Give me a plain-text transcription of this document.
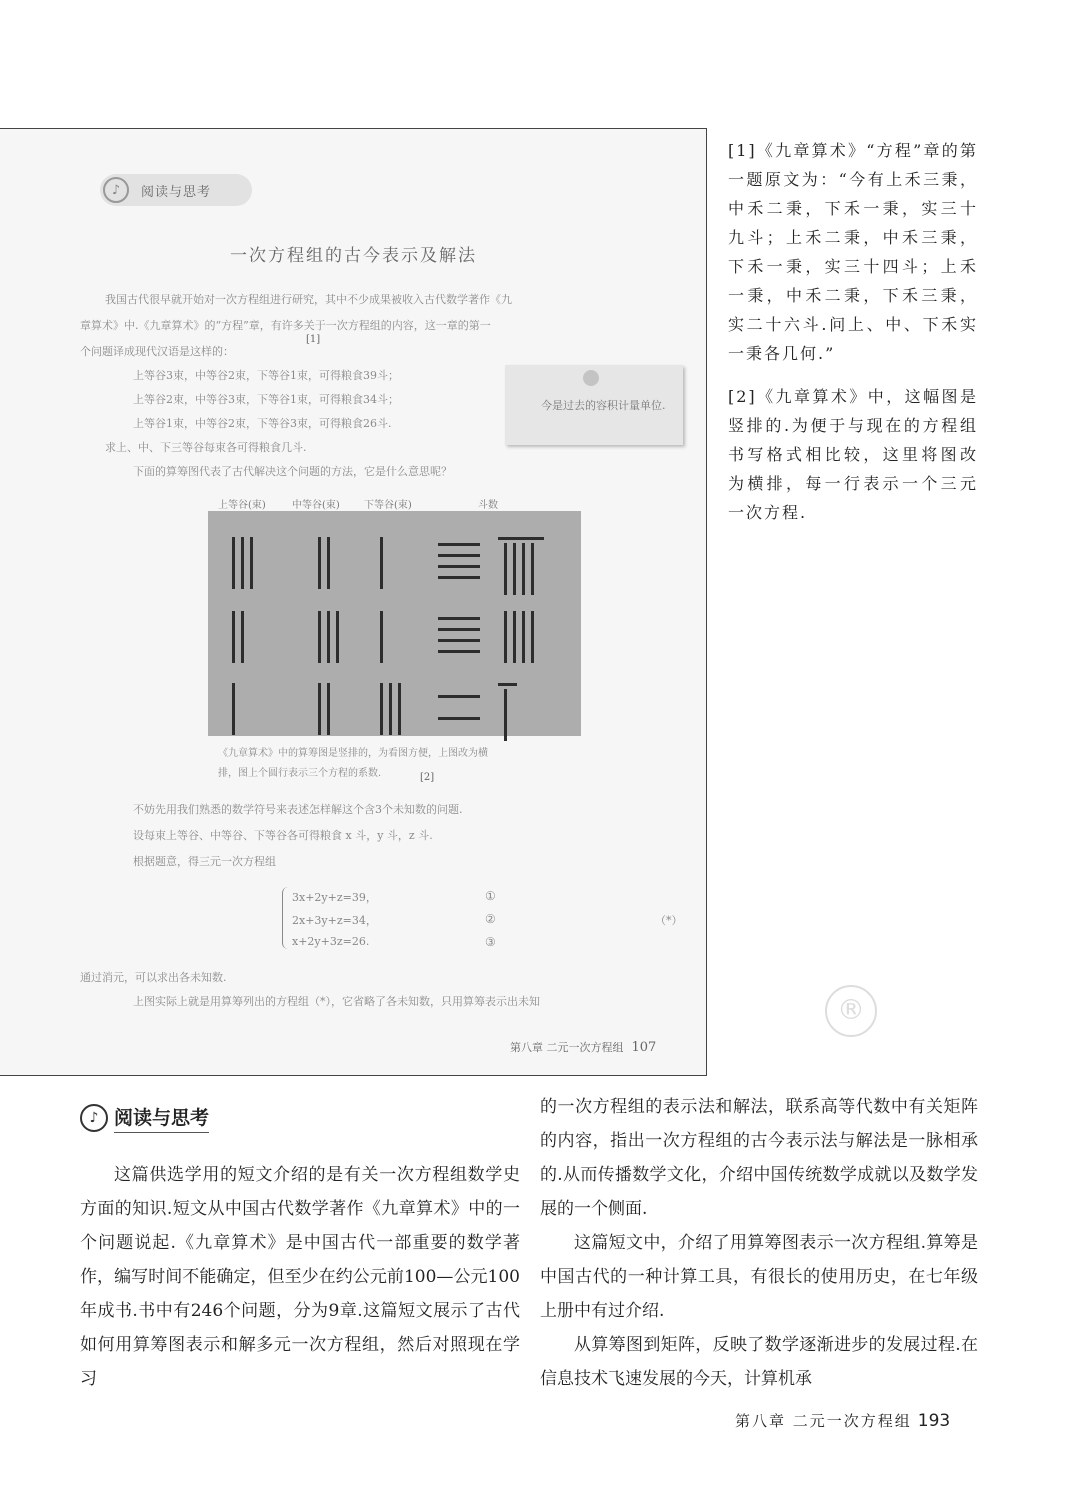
♪	阅读与思考
一次方程组的古今表示及解法
我国古代很早就开始对一次方程组进行研究，其中不少成果被收入古代数学著作《九
章算术》中.《九章算术》的“方程”章，有许多关于一次方程组的内容，这一章的第一
个问题译成现代汉语是这样的：
[1]
上等谷3束，中等谷2束，下等谷1束，可得粮食39斗；
上等谷2束，中等谷3束，下等谷1束，可得粮食34斗；
上等谷1束，中等谷2束，下等谷3束，可得粮食26斗.
求上、中、下三等谷每束各可得粮食几斗.
今是过去的容积计量单位.
下面的算筹图代表了古代解决这个问题的方法，它是什么意思呢？
上等谷(束)	中等谷(束) 下等谷(束)	斗数
《九章算术》中的算筹图是竖排的，为看图方便，上图改为横
排，图上个圆行表示三个方程的系数.	[2]
不妨先用我们熟悉的数学符号来表述怎样解这个含3个未知数的问题.
设每束上等谷、中等谷、下等谷各可得粮食 x 斗，y 斗，z 斗.
根据题意，得三元一次方程组
3x+2y+z=39，	①
2x+3y+z=34，	②
x+2y+3z=26.	③
（*）
通过消元，可以求出各未知数.
上图实际上就是用算筹列出的方程组（*），它省略了各未知数，只用算筹表示出未知
第八章 二元一次方程组 107
[1]《九章算术》“方程”章的第一题原文为：“今有上禾三秉，中禾二秉，下禾一秉，实三十九斗；上禾二秉，中禾三秉，下禾一秉，实三十四斗；上禾一秉，中禾二秉，下禾三秉，实二十六斗.问上、中、下禾实一秉各几何.”
[2]《九章算术》中，这幅图是竖排的.为便于与现在的方程组书写格式相比较，这里将图改为横排，每一行表示一个三元一次方程.
®
♪ 阅读与思考

这篇供选学用的短文介绍的是有关一次方程组数学史方面的知识.短文从中国古代数学著作《九章算术》中的一个问题说起.《九章算术》是中国古代一部重要的数学著作，编写时间不能确定，但至少在约公元前100—公元100年成书.书中有246个问题，分为9章.这篇短文展示了古代如何用算筹图表示和解多元一次方程组，然后对照现在学习

的一次方程组的表示法和解法，联系高等代数中有关矩阵的内容，指出一次方程组的古今表示法与解法是一脉相承的.从而传播数学文化，介绍中国传统数学成就以及数学发展的一个侧面.

这篇短文中，介绍了用算筹图表示一次方程组.算筹是中国古代的一种计算工具，有很长的使用历史，在七年级上册中有过介绍.

从算筹图到矩阵，反映了数学逐渐进步的发展过程.在信息技术飞速发展的今天，计算机承

第八章 二元一次方程组 193
